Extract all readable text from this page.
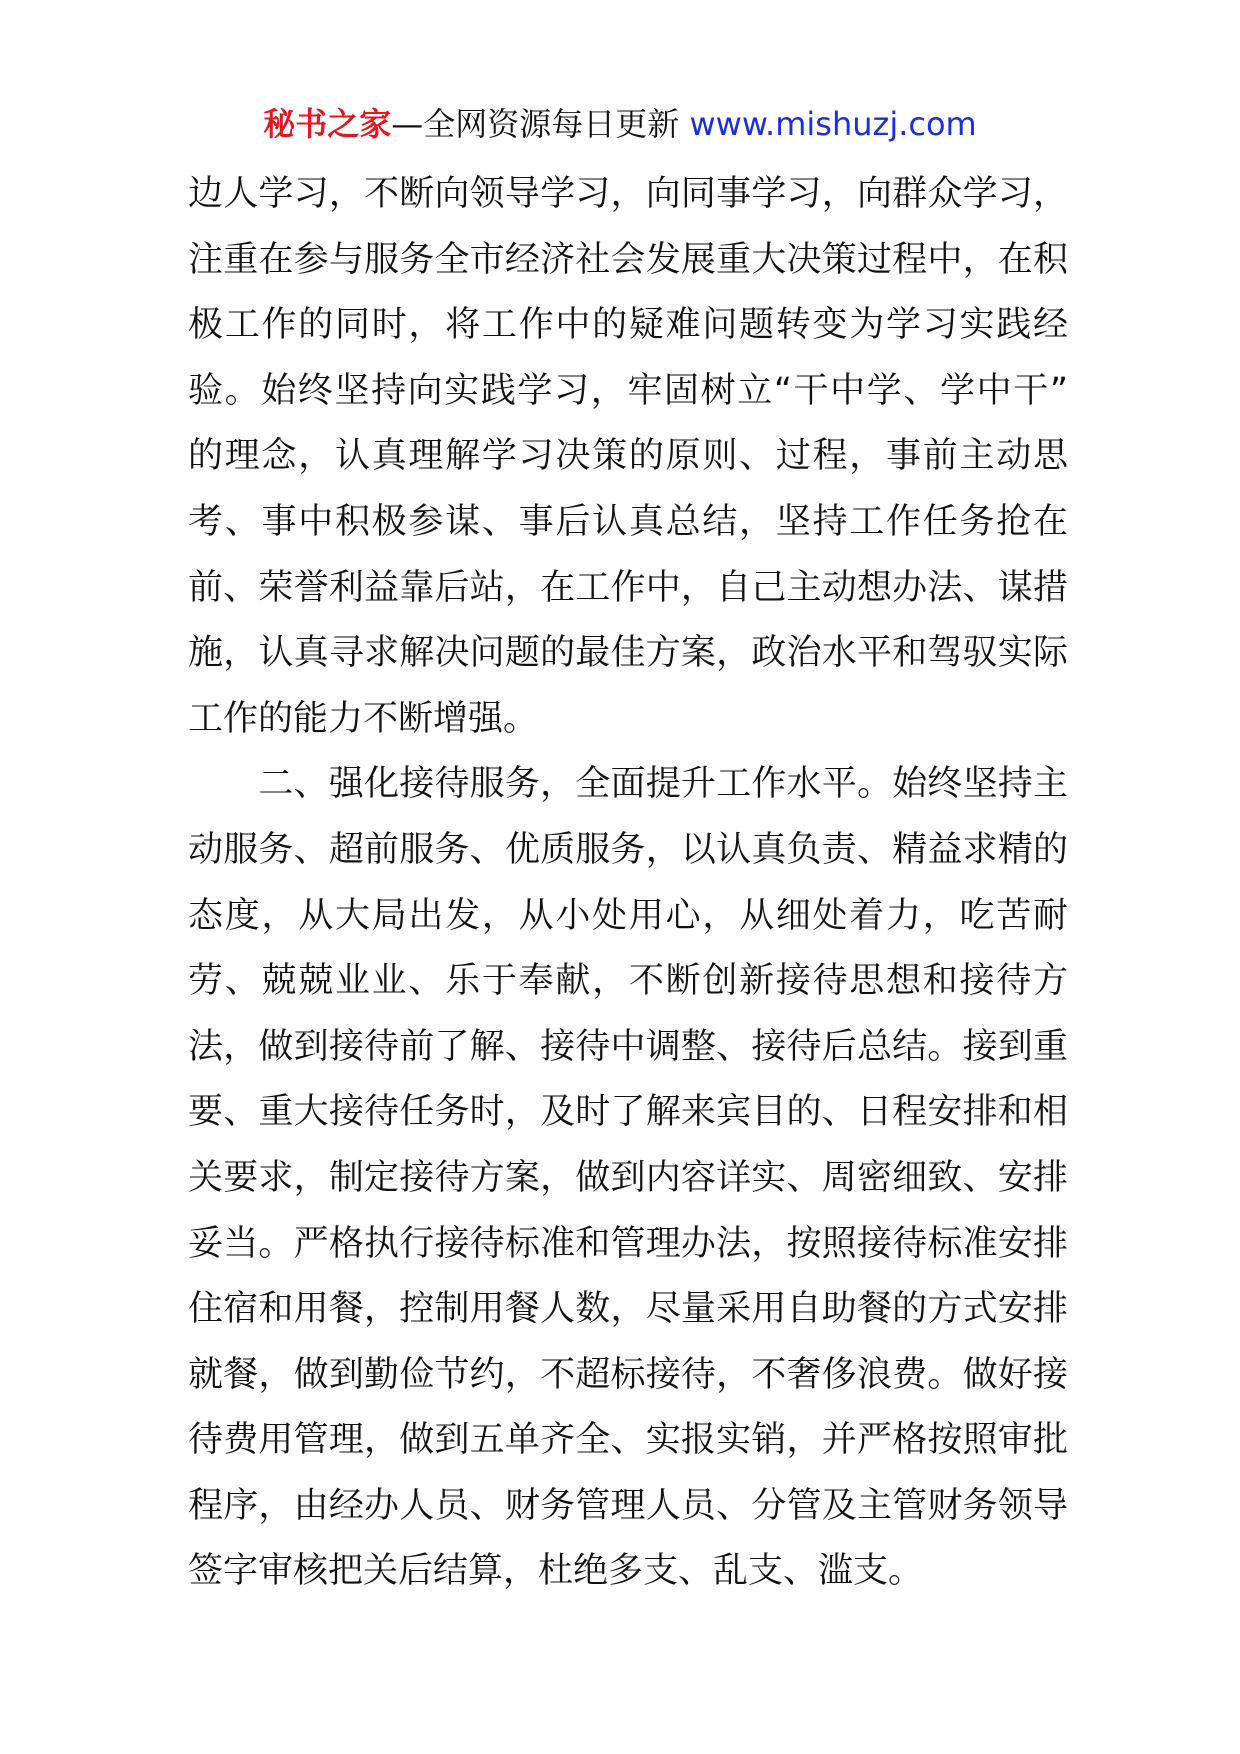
秘书之家—全网资源每日更新 www.mishuzj.com
边人学习，不断向领导学习，向同事学习，向群众学习，
注重在参与服务全市经济社会发展重大决策过程中，在积
极工作的同时，将工作中的疑难问题转变为学习实践经
验。始终坚持向实践学习，牢固树立“干中学、学中干”
的理念，认真理解学习决策的原则、过程，事前主动思
考、事中积极参谋、事后认真总结，坚持工作任务抢在
前、荣誉利益靠后站，在工作中，自己主动想办法、谋措
施，认真寻求解决问题的最佳方案，政治水平和驾驭实际
工作的能力不断增强。
　　二、强化接待服务，全面提升工作水平。始终坚持主
动服务、超前服务、优质服务，以认真负责、精益求精的
态度，从大局出发，从小处用心，从细处着力，吃苦耐
劳、兢兢业业、乐于奉献，不断创新接待思想和接待方
法，做到接待前了解、接待中调整、接待后总结。接到重
要、重大接待任务时，及时了解来宾目的、日程安排和相
关要求，制定接待方案，做到内容详实、周密细致、安排
妥当。严格执行接待标准和管理办法，按照接待标准安排
住宿和用餐，控制用餐人数，尽量采用自助餐的方式安排
就餐，做到勤俭节约，不超标接待，不奢侈浪费。做好接
待费用管理，做到五单齐全、实报实销，并严格按照审批
程序，由经办人员、财务管理人员、分管及主管财务领导
签字审核把关后结算，杜绝多支、乱支、滥支。
